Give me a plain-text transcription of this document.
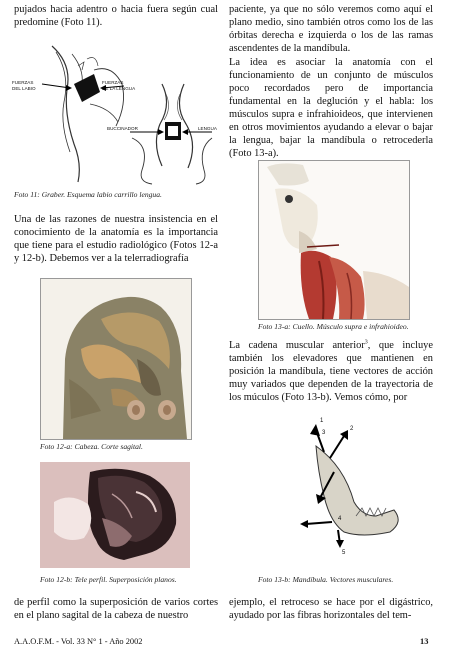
pujados hacia adentro o hacia fuera según cual predomine (Foto 11).

FUERZAS
DEL LABIO
FUERZAS
DE LA LENGUA
BUCCINADOR	LENGUA
Foto 11: Graber. Esquema labio carrillo lengua.

Una de las razones de nuestra insistencia en el conocimiento de la anatomía es la importancia que tiene para el estudio radiológico (Fotos 12-a y 12-b). Debemos ver a la telerradiografía

Foto 12-a: Cabeza. Corte sagital.
Foto 12-b: Tele perfil. Superposición planos.

de perfil como la superposición de varios cortes en el plano sagital de la cabeza de nuestro

paciente, ya que no sólo veremos como aquí el plano medio, sino también otros como los de las órbitas derecha e izquierda o los de las ramas ascendentes de la mandíbula.

La idea es asociar la anatomía con el funcionamiento de un conjunto de músculos poco recordados pero de importancia fundamental en la deglución y el habla: los músculos supra e infrahioideos, que intervienen en otros movimientos ayudando a elevar o bajar la lengua, bajar la mandíbula o retrocederla (Foto 13-a).

Foto 13-a: Cuello. Músculo supra e infrahioideo.

La cadena muscular anterior$^3$, que incluye también los elevadores que mantienen en posición la mandíbula, tiene vectores de acción muy variados que dependen de la trayectoria de los múculos (Foto 13-b). Vemos cómo, por

1
2
3
4
5
Foto 13-b: Mandíbula. Vectores musculares.

ejemplo, el retroceso se hace por el digástrico, ayudado por las fibras horizontales del tem-

A.A.O.F.M. - Vol. 33 N° 1 - Año 2002	13
